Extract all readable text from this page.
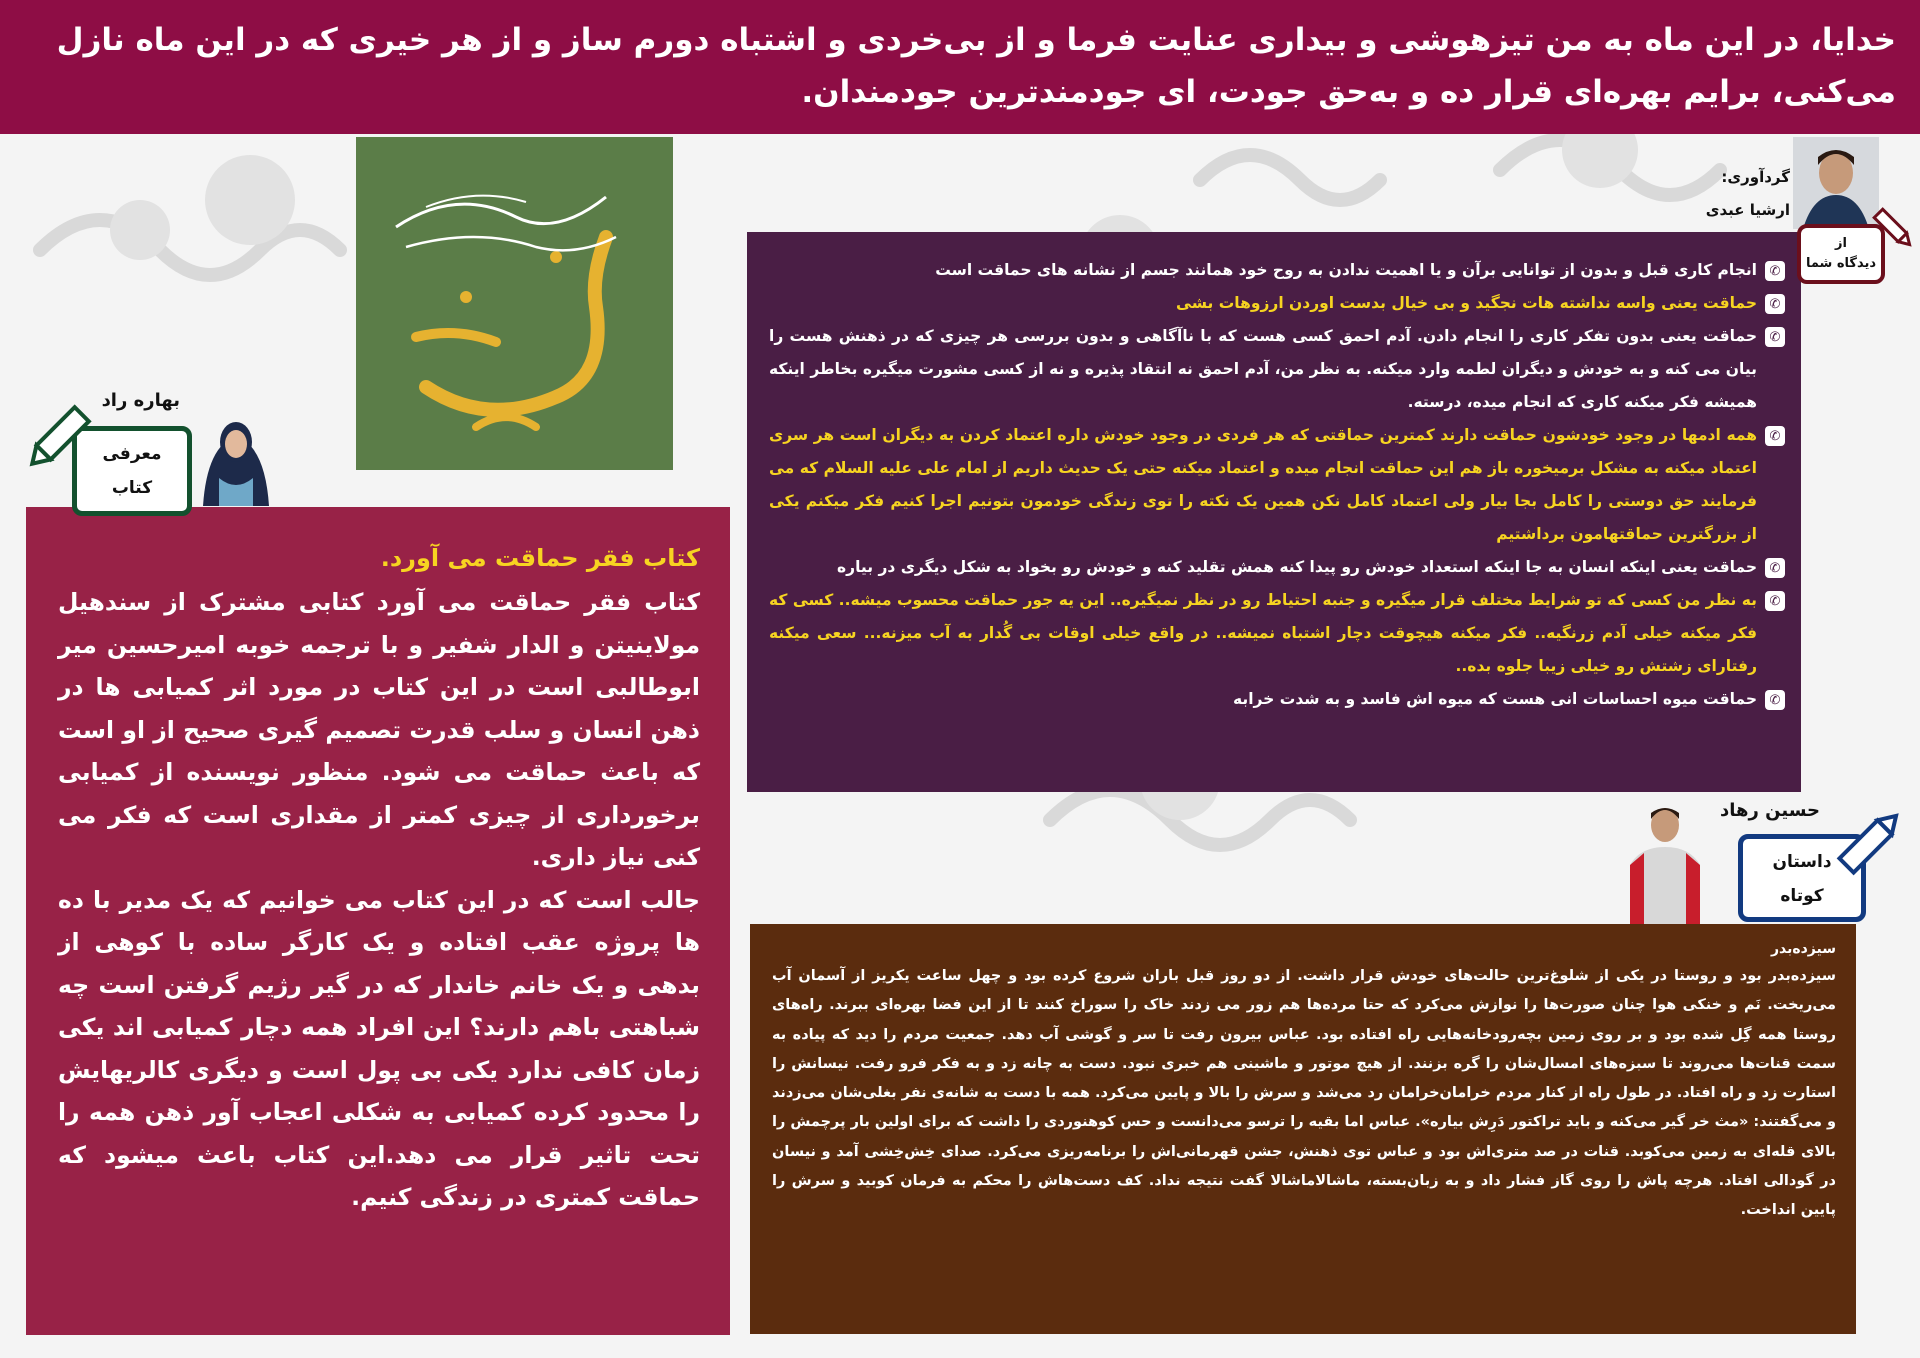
خدایا، در این ماه به من تیزهوشی و بیداری عنایت فرما و از بی‌خردی و اشتباه دورم ساز و از هر خیری که در این ماه نازل می‌کنی، برایم بهره‌ای قرار ده و به‌حق جودت، ای جودمندترین جودمندان.
گردآوری:
ارشیا عبدی
از
دیدگاه شما
✆
انجام کاری قبل و بدون از توانایی برآن و یا اهمیت ندادن به روح خود همانند جسم از نشانه های حماقت است
✆
حماقت یعنی واسه نداشته هات نجگید و بی خیال بدست اوردن ارزوهات بشی
✆
حماقت یعنی بدون تفکر کاری را انجام دادن. آدم احمق کسی هست که با ناآگاهی و بدون بررسی هر چیزی که در ذهنش هست را بیان می کنه و به خودش و دیگران لطمه وارد میکنه. به نظر من، آدم احمق نه انتقاد پذیره و نه از کسی مشورت میگیره بخاطر اینکه همیشه فکر میکنه کاری که انجام میده، درسته.
✆
همه ادمها در وجود خودشون حماقت دارند کمترین حماقتی که هر فردی در وجود خودش داره اعتماد کردن به دیگران است هر سری اعتماد میکنه به مشکل برمیخوره باز هم این حماقت انجام میده و اعتماد میکنه حتی یک حدیث داریم از امام علی علیه السلام که می فرمایند حق دوستی را کامل بجا بیار ولی اعتماد کامل نکن همین یک نکته را توی زندگی خودمون بتونیم اجرا کنیم فکر میکنم یکی از بزرگترین حماقتهامون برداشتیم
✆
حماقت یعنی اینکه انسان به جا اینکه استعداد خودش رو پیدا کنه همش تقلید کنه و خودش رو بخواد به شکل دیگری در بیاره
✆
به نظر من کسی که تو شرایط مختلف قرار میگیره و جنبه احتیاط رو در نظر نمیگیره.. این یه جور حماقت محسوب میشه.. کسی که فکر میکنه خیلی آدم زرنگیه.. فکر میکنه هیچوقت دچار اشتباه نمیشه.. در واقع خیلی اوقات بی گُدار به آب میزنه... سعی میکنه رفتارای زشتش رو خیلی زیبا جلوه بده..
✆
حماقت میوه احساسات انی هست که میوه اش فاسد و به شدت خرابه
بهاره راد
معرفی
کتاب
کتاب فقر حماقت می آورد.
کتاب فقر حماقت می آورد کتابی مشترک از سندهیل مولاینیتن و الدار شفیر و با ترجمه خوبه امیرحسین میر ابوطالبی است در این کتاب در مورد اثر کمیابی ها در ذهن انسان و سلب قدرت تصمیم گیری صحیح از او است که باعث حماقت می شود. منظور نویسنده از کمیابی برخورداری از چیزی کمتر از مقداری است که فکر می کنی نیاز داری.
جالب است که در این کتاب می خوانیم که یک مدیر با ده ها پروژه عقب افتاده و یک کارگر ساده با کوهی از بدهی و یک خانم خاندار که در گیر رژیم گرفتن است چه شباهتی باهم دارند؟ این افراد همه دچار کمیابی اند یکی زمان کافی ندارد یکی بی پول است و دیگری کالریهایش را محدود کرده کمیابی به شکلی اعجاب آور ذهن همه را تحت تاثیر قرار می دهد.این کتاب باعث میشود که حماقت کمتری در زندگی کنیم.
حسین رهاد
داستان
کوتاه
سیزده‌بدر
سیزده‌بدر بود و روستا در یکی از شلوغ‌ترین حالت‌های خودش قرار داشت. از دو روز قبل باران شروع کرده بود و چهل ساعت یکریز از آسمان آب می‌ریخت. نَم و خنکی هوا چنان صورت‌ها را نوازش می‌کرد که حتا مرده‌ها هم زور می زدند خاک را سوراخ کنند تا از این فضا بهره‌ای ببرند. راه‌های روستا همه گِل شده بود و بر روی زمین بچه‌رودخانه‌هایی راه افتاده بود. عباس بیرون رفت تا سر و گوشی آب دهد. جمعیت مردم را دید که پیاده به سمت قنات‌ها می‌روند تا سبزه‌های امسال‌شان را گره بزنند. از هیچ موتور و ماشینی هم خبری نبود. دست به چانه زد و به فکر فرو رفت. نیسانش را استارت زد و راه افتاد. در طول راه از کنار مردم خرامان‌خرامان رد می‌شد و سرش را بالا و پایین می‌کرد. همه با دست به شانه‌ی نفر بغلی‌شان می‌زدند و می‌گفتند: «مث خر گیر می‌کنه و باید تراکتور دَرِش بیاره». عباس اما بقیه را ترسو می‌دانست و حس کوهنوردی را داشت که برای اولین بار پرچمش را بالای قله‌ای به زمین می‌کوبد. قنات در صد متری‌اش بود و عباس توی ذهنش، جشن قهرمانی‌اش را برنامه‌ریزی می‌کرد. صدای خِش‌خِشی آمد و نیسان در گودالی افتاد. هرچه پاش را روی گاز فشار داد و به زبان‌بسته، ماشالاماشالا گفت نتیجه نداد. کف دست‌هاش را محکم به فرمان کوبید و سرش را پایین انداخت.
